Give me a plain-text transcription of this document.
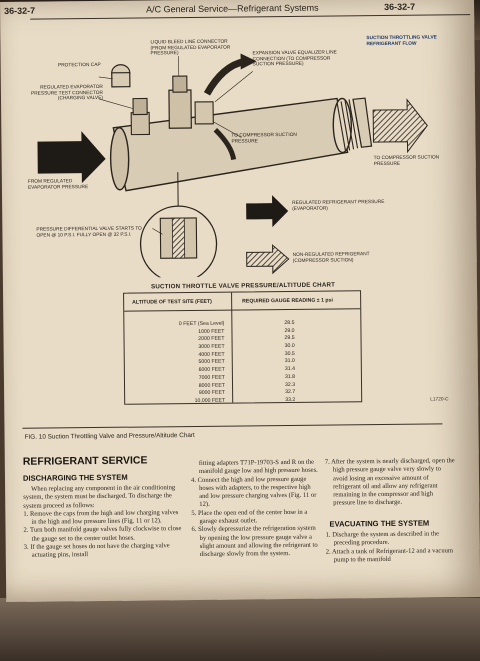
36-32-7	A/C General Service—Refrigerant Systems	36-32-7
LIQUID BLEED LINE CONNECTOR (FROM REGULATED EVAPORATOR PRESSURE)	EXPANSION VALVE EQUALIZER LINE CONNECTION (TO COMPRESSOR SUCTION PRESSURE)
SUCTION THROTTLING VALVE REFRIGERANT FLOW
PROTECTION CAP
REGULATED EVAPORATOR PRESSURE TEST CONNECTOR (CHARGING VALVE)
TO COMPRESSOR SUCTION PRESSURE
TO COMPRESSOR SUCTION PRESSURE
FROM REGULATED EVAPORATOR PRESSURE
PRESSURE DIFFERENTIAL VALVE STARTS TO OPEN @ 10 P.S.I. FULLY OPEN @ 32 P.S.I.
REGULATED REFRIGERANT PRESSURE (EVAPORATOR)
NON-REGULATED REFRIGERANT (COMPRESSOR SUCTION)
SUCTION THROTTLE VALVE PRESSURE/ALTITUDE CHART
ALTITUDE OF TEST SITE (FEET)	REQUIRED GAUGE READING ± 1 psi
0 FEET (Sea Level)	28.5
1000 FEET	29.0
2000 FEET	29.5
3000 FEET	30.0
4000 FEET	30.5
5000 FEET	31.0
6000 FEET	31.4
7000 FEET	31.8
8000 FEET	32.3
9000 FEET	32.7
10,000 FEET	33.2	L1720-C
FIG. 10 Suction Throttling Valve and Pressure/Altitude Chart
REFRIGERANT SERVICE
DISCHARGING THE SYSTEM

When replacing any component in the air conditioning system, the system must be discharged. To discharge the system proceed as follows:

1. Remove the caps from the high and low charging valves in the high and low pressure lines (Fig. 11 or 12).

2. Turn both manifold gauge valves fully clockwise to close the gauge set to the center outlet hoses.

3. If the gauge set hoses do not have the charging valve actuating pins, install

fitting adapters T71P-19703-S and R on the manifold gauge low and high pressure hoses.

4. Connect the high and low pressure gauge hoses with adapters, to the respective high and low pressure charging valves (Fig. 11 or 12).

5. Place the open end of the center hose in a garage exhaust outlet.

6. Slowly depressurize the refrigeration system by opening the low pressure gauge valve a slight amount and allowing the refrigerant to discharge slowly from the system.

7. After the system is nearly discharged, open the high pressure gauge valve very slowly to avoid losing an excessive amount of refrigerant oil and allow any refrigerant remaining in the compressor and high pressure line to discharge.

EVACUATING THE SYSTEM

1. Discharge the system as described in the preceding procedure.

2. Attach a tank of Refrigerant-12 and a vacuum pump to the manifold
